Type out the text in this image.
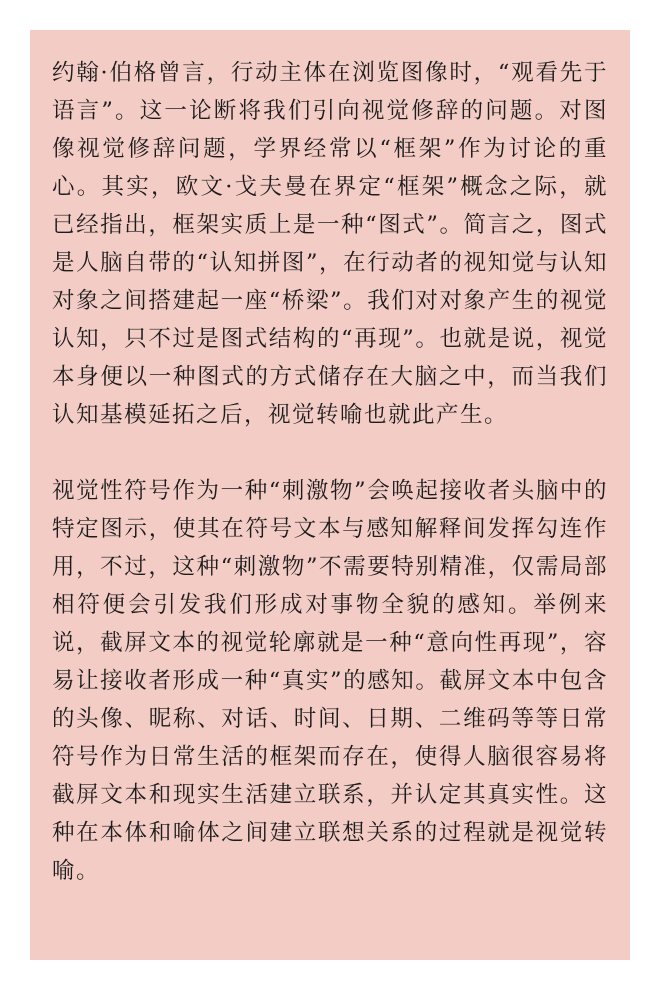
约翰·伯格曾言，行动主体在浏览图像时，“观看先于语言”。这一论断将我们引向视觉修辞的问题。对图像视觉修辞问题，学界经常以“框架”作为讨论的重心。其实，欧文·戈夫曼在界定“框架”概念之际，就已经指出，框架实质上是一种“图式”。简言之，图式是人脑自带的“认知拼图”，在行动者的视知觉与认知对象之间搭建起一座“桥梁”。我们对对象产生的视觉认知，只不过是图式结构的“再现”。也就是说，视觉本身便以一种图式的方式储存在大脑之中，而当我们认知基模延拓之后，视觉转喻也就此产生。

视觉性符号作为一种“刺激物”会唤起接收者头脑中的特定图示，使其在符号文本与感知解释间发挥勾连作用，不过，这种“刺激物”不需要特别精准，仅需局部相符便会引发我们形成对事物全貌的感知。举例来说，截屏文本的视觉轮廓就是一种“意向性再现”，容易让接收者形成一种“真实”的感知。截屏文本中包含的头像、昵称、对话、时间、日期、二维码等等日常符号作为日常生活的框架而存在，使得人脑很容易将截屏文本和现实生活建立联系，并认定其真实性。这种在本体和喻体之间建立联想关系的过程就是视觉转喻。
